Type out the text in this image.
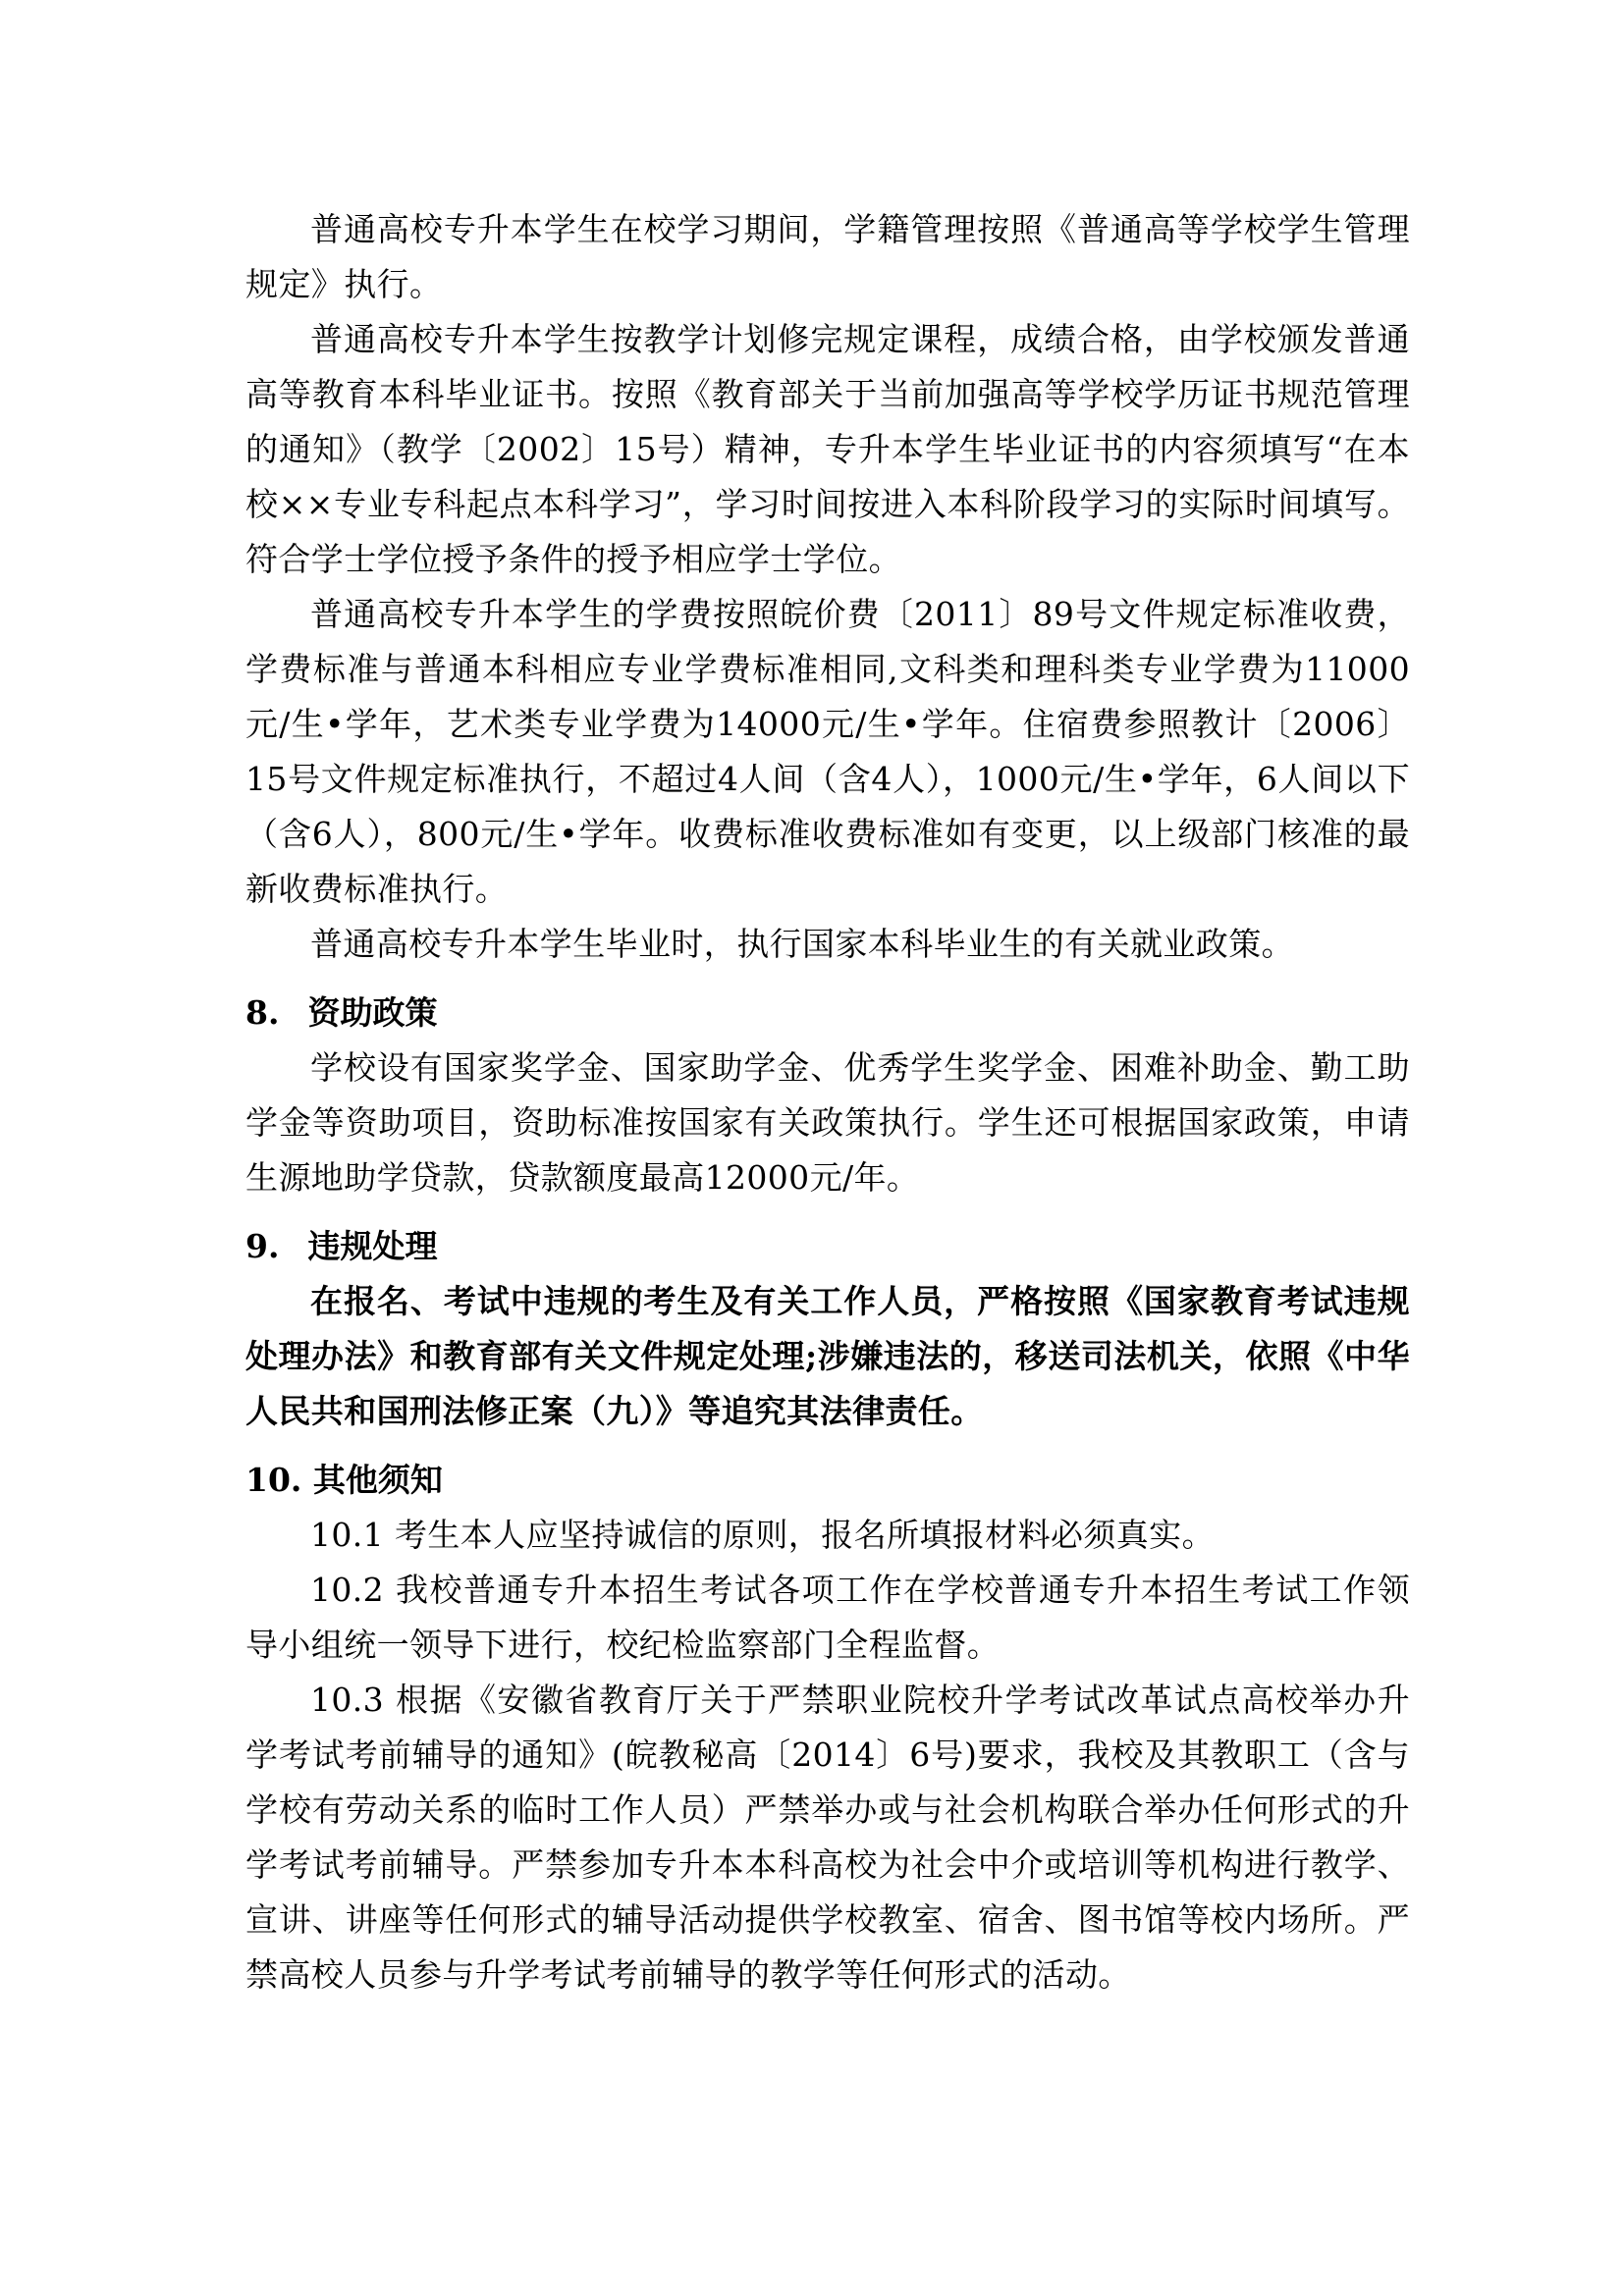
普通高校专升本学生在校学习期间，学籍管理按照《普通高等学校学生管理规定》执行。

普通高校专升本学生按教学计划修完规定课程，成绩合格，由学校颁发普通高等教育本科毕业证书。按照《教育部关于当前加强高等学校学历证书规范管理的通知》（教学〔2002〕15号）精神，专升本学生毕业证书的内容须填写“在本校××专业专科起点本科学习”，学习时间按进入本科阶段学习的实际时间填写。符合学士学位授予条件的授予相应学士学位。

普通高校专升本学生的学费按照皖价费〔2011〕89号文件规定标准收费，学费标准与普通本科相应专业学费标准相同,文科类和理科类专业学费为11000元/生•学年，艺术类专业学费为14000元/生•学年。住宿费参照教计〔2006〕15号文件规定标准执行，不超过4人间（含4人），1000元/生•学年，6人间以下（含6人），800元/生•学年。收费标准收费标准如有变更，以上级部门核准的最新收费标准执行。

普通高校专升本学生毕业时，执行国家本科毕业生的有关就业政策。

8. 资助政策

学校设有国家奖学金、国家助学金、优秀学生奖学金、困难补助金、勤工助学金等资助项目，资助标准按国家有关政策执行。学生还可根据国家政策，申请生源地助学贷款，贷款额度最高12000元/年。

9. 违规处理

在报名、考试中违规的考生及有关工作人员，严格按照《国家教育考试违规处理办法》和教育部有关文件规定处理;涉嫌违法的，移送司法机关，依照《中华人民共和国刑法修正案（九）》等追究其法律责任。

10. 其他须知

10.1 考生本人应坚持诚信的原则，报名所填报材料必须真实。

10.2 我校普通专升本招生考试各项工作在学校普通专升本招生考试工作领导小组统一领导下进行，校纪检监察部门全程监督。

10.3 根据《安徽省教育厅关于严禁职业院校升学考试改革试点高校举办升学考试考前辅导的通知》(皖教秘高〔2014〕6号)要求，我校及其教职工（含与学校有劳动关系的临时工作人员）严禁举办或与社会机构联合举办任何形式的升学考试考前辅导。严禁参加专升本本科高校为社会中介或培训等机构进行教学、宣讲、讲座等任何形式的辅导活动提供学校教室、宿舍、图书馆等校内场所。严禁高校人员参与升学考试考前辅导的教学等任何形式的活动。
